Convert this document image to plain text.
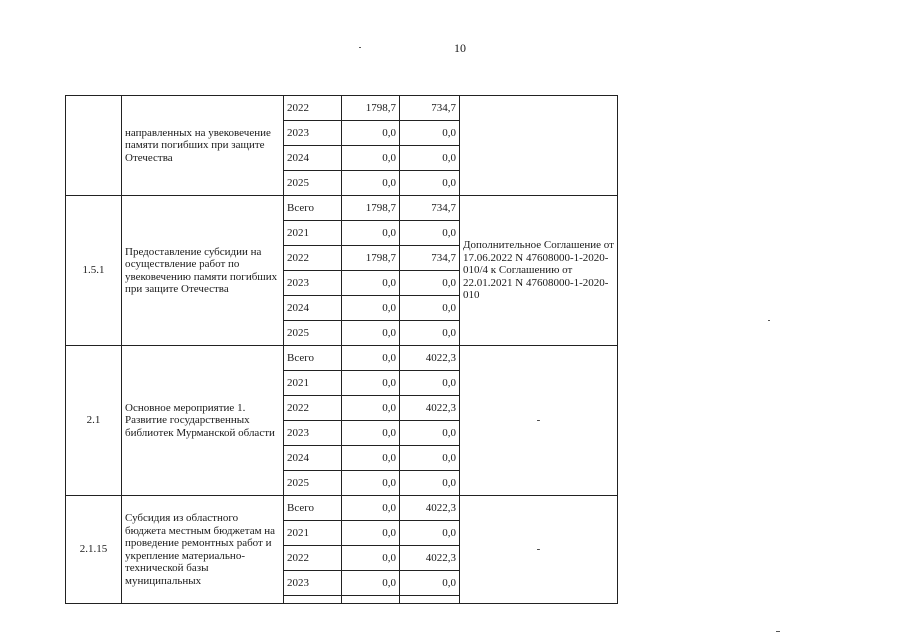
10
	направленных на увековечение памяти погибших при защите Отечества	2022	1798,7	734,7	
		2023	0,0	0,0	
		2024	0,0	0,0	
		2025	0,0	0,0	
1.5.1	Предоставление субсидии на осуществление работ по увековечению памяти погибших при защите Отечества	Всего	1798,7	734,7	Дополнительное Соглашение от 17.06.2022 N 47608000-1-2020-010/4 к Соглашению от 22.01.2021 N 47608000-1-2020-010
		2021	0,0	0,0	
		2022	1798,7	734,7	
		2023	0,0	0,0	
		2024	0,0	0,0	
		2025	0,0	0,0	
2.1	Основное мероприятие 1. Развитие государственных библиотек Мурманской области	Всего	0,0	4022,3	-
		2021	0,0	0,0	
		2022	0,0	4022,3	
		2023	0,0	0,0	
		2024	0,0	0,0	
		2025	0,0	0,0	
2.1.15	Субсидия из областного бюджета местным бюджетам на проведение ремонтных работ и укрепление материально-технической базы муниципальных	Всего	0,0	4022,3	-
		2021	0,0	0,0	
		2022	0,0	4022,3	
		2023	0,0	0,0	
